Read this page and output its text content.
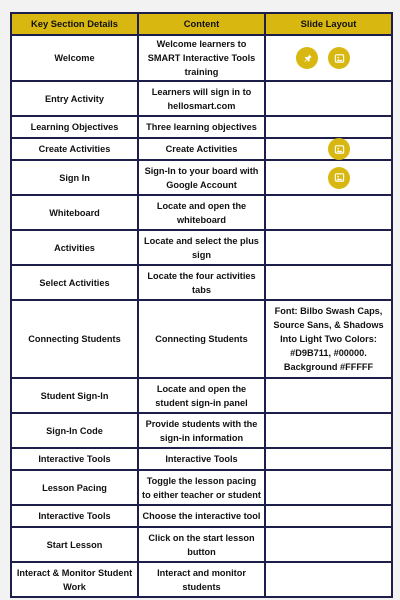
Key Section Details	Content	Slide Layout
Welcome	Welcome learners to SMART Interactive Tools training	

Entry Activity	Learners will sign in to hellosmart.com	
Learning Objectives	Three learning objectives	
Create Activities	Create Activities	

Sign In	Sign-In to your board with Google Account	

Whiteboard	Locate and open the whiteboard	
Activities	Locate and select the plus sign	
Select Activities	Locate the four activities tabs	
Connecting Students	Connecting Students	Font: Bilbo Swash Caps, Source Sans, & Shadows Into Light Two Colors: #D9B711, #00000. Background #FFFFF
Student Sign-In	Locate and open the student sign-in panel	
Sign-In Code	Provide students with the sign-in information	
Interactive Tools	Interactive Tools	
Lesson Pacing	Toggle the lesson pacing to either teacher or student	
Interactive Tools	Choose the interactive tool	
Start Lesson	Click on the start lesson button	
Interact & Monitor Student Work	Interact and monitor students	
